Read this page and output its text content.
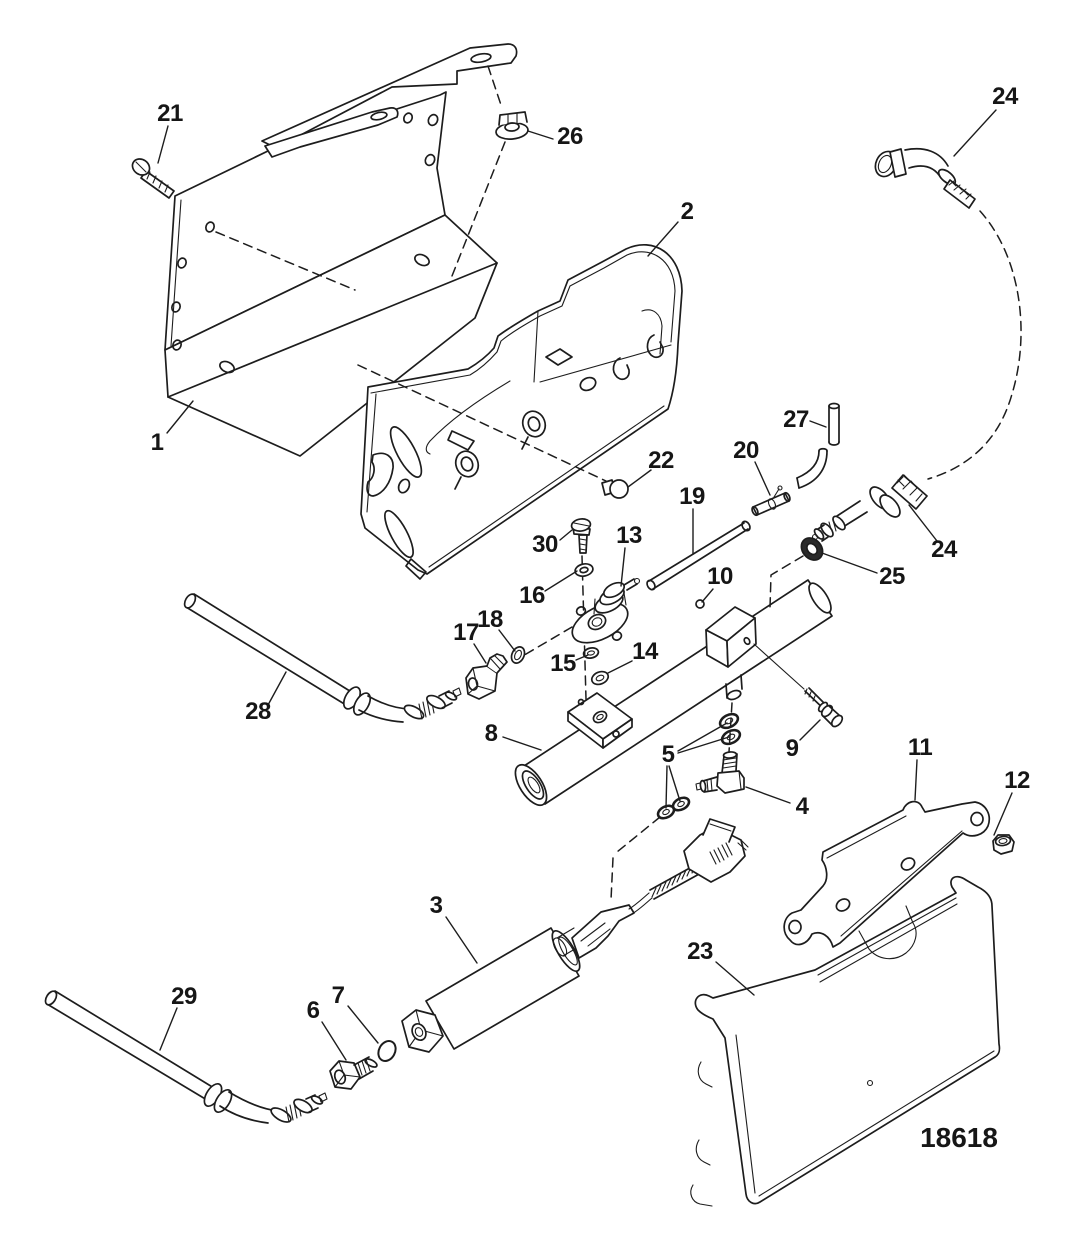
1
2
3
4
5
6
7
8
9
10
11
12
13
14
15
16
17
18
19
20
21
22
23
24
24
25
26
27
28
29
30
18618
